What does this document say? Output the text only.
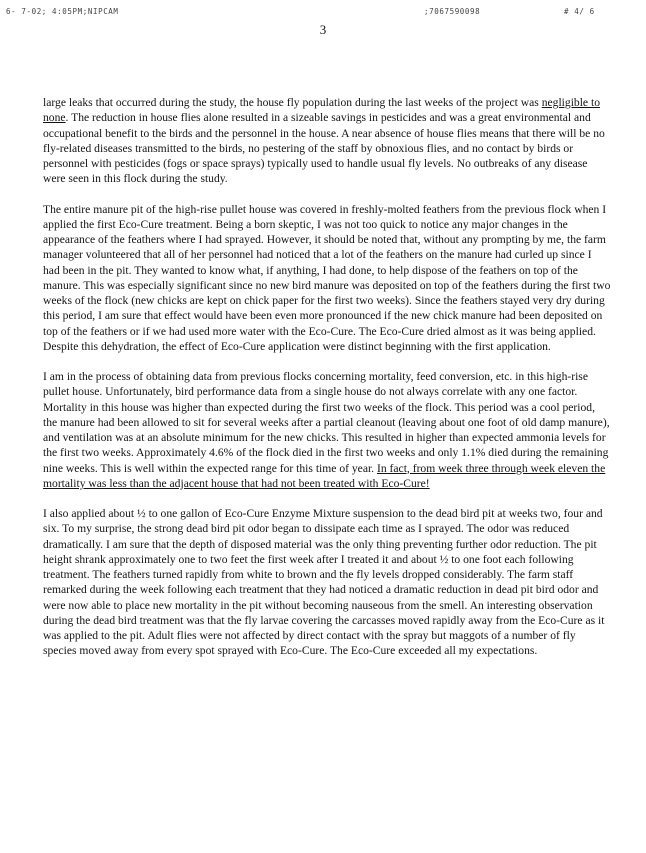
6- 7-02; 4:05PM;NIPCAM	;7067590098	# 4/ 6
3

large leaks that occurred during the study, the house fly population during the last weeks of the project was negligible to none. The reduction in house flies alone resulted in a sizeable savings in pesticides and was a great environmental and occupational benefit to the birds and the personnel in the house. A near absence of house flies means that there will be no fly-related diseases transmitted to the birds, no pestering of the staff by obnoxious flies, and no contact by birds or personnel with pesticides (fogs or space sprays) typically used to handle usual fly levels. No outbreaks of any disease were seen in this flock during the study.

The entire manure pit of the high-rise pullet house was covered in freshly-molted feathers from the previous flock when I applied the first Eco-Cure treatment. Being a born skeptic, I was not too quick to notice any major changes in the appearance of the feathers where I had sprayed. However, it should be noted that, without any prompting by me, the farm manager volunteered that all of her personnel had noticed that a lot of the feathers on the manure had curled up since I had been in the pit. They wanted to know what, if anything, I had done, to help dispose of the feathers on top of the manure. This was especially significant since no new bird manure was deposited on top of the feathers during the first two weeks of the flock (new chicks are kept on chick paper for the first two weeks). Since the feathers stayed very dry during this period, I am sure that effect would have been even more pronounced if the new chick manure had been deposited on top of the feathers or if we had used more water with the Eco-Cure. The Eco-Cure dried almost as it was being applied. Despite this dehydration, the effect of Eco-Cure application were distinct beginning with the first application.

I am in the process of obtaining data from previous flocks concerning mortality, feed conversion, etc. in this high-rise pullet house. Unfortunately, bird performance data from a single house do not always correlate with any one factor. Mortality in this house was higher than expected during the first two weeks of the flock. This period was a cool period, the manure had been allowed to sit for several weeks after a partial cleanout (leaving about one foot of old damp manure), and ventilation was at an absolute minimum for the new chicks. This resulted in higher than expected ammonia levels for the first two weeks. Approximately 4.6% of the flock died in the first two weeks and only 1.1% died during the remaining nine weeks. This is well within the expected range for this time of year. In fact, from week three through week eleven the mortality was less than the adjacent house that had not been treated with Eco-Cure!

I also applied about ½ to one gallon of Eco-Cure Enzyme Mixture suspension to the dead bird pit at weeks two, four and six. To my surprise, the strong dead bird pit odor began to dissipate each time as I sprayed. The odor was reduced dramatically. I am sure that the depth of disposed material was the only thing preventing further odor reduction. The pit height shrank approximately one to two feet the first week after I treated it and about ½ to one foot each following treatment. The feathers turned rapidly from white to brown and the fly levels dropped considerably. The farm staff remarked during the week following each treatment that they had noticed a dramatic reduction in dead pit bird odor and were now able to place new mortality in the pit without becoming nauseous from the smell. An interesting observation during the dead bird treatment was that the fly larvae covering the carcasses moved rapidly away from the Eco-Cure as it was applied to the pit. Adult flies were not affected by direct contact with the spray but maggots of a number of fly species moved away from every spot sprayed with Eco-Cure. The Eco-Cure exceeded all my expectations.
